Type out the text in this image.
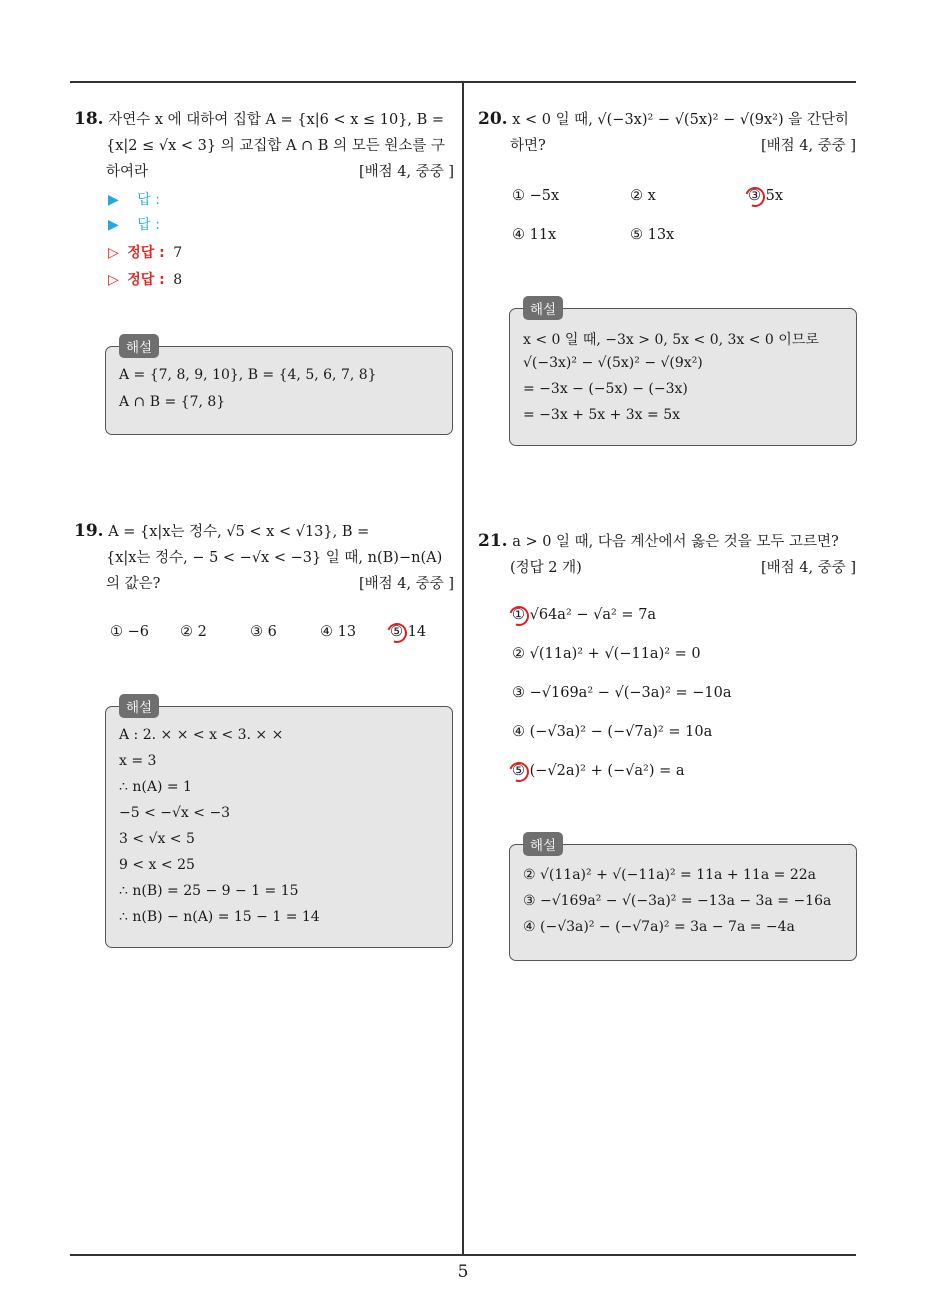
18. 자연수 x 에 대하여 집합 A = {x|6 < x ≤ 10}, B =
{x|2 ≤ √x < 3} 의 교집합 A ∩ B 의 모든 원소를 구
하여라	[배점 4, 중중 ]
▶ 답 :
▶ 답 :
▷ 정답 : 7
▷ 정답 : 8
A = {7, 8, 9, 10}, B = {4, 5, 6, 7, 8}
A ∩ B = {7, 8}
해설
19. A = {x|x는 정수, √5 < x < √13}, B =
{x|x는 정수, − 5 < −√x < −3} 일 때, n(B)−n(A)
의 값은?	[배점 4, 중중 ]
① −6 ② 2	③ 6	④ 13 ⑤ 14
A : 2. × × < x < 3. × ×
x = 3
∴ n(A) = 1
−5 < −√x < −3
3 < √x < 5
9 < x < 25
∴ n(B) = 25 − 9 − 1 = 15
∴ n(B) − n(A) = 15 − 1 = 14
해설
20. x < 0 일 때, √(−3x)² − √(5x)² − √(9x²) 을 간단히
하면?	[배점 4, 중중 ]
① −5x	② x	③ 5x
④ 11x	⑤ 13x
x < 0 일 때, −3x > 0, 5x < 0, 3x < 0 이므로
√(−3x)² − √(5x)² − √(9x²)
= −3x − (−5x) − (−3x)
= −3x + 5x + 3x = 5x
해설
21. a > 0 일 때, 다음 계산에서 옳은 것을 모두 고르면?
(정답 2 개)	[배점 4, 중중 ]
① √64a² − √a² = 7a
② √(11a)² + √(−11a)² = 0
③ −√169a² − √(−3a)² = −10a
④ (−√3a)² − (−√7a)² = 10a
⑤ (−√2a)² + (−√a²) = a
② √(11a)² + √(−11a)² = 11a + 11a = 22a
③ −√169a² − √(−3a)² = −13a − 3a = −16a
④ (−√3a)² − (−√7a)² = 3a − 7a = −4a
해설
5
